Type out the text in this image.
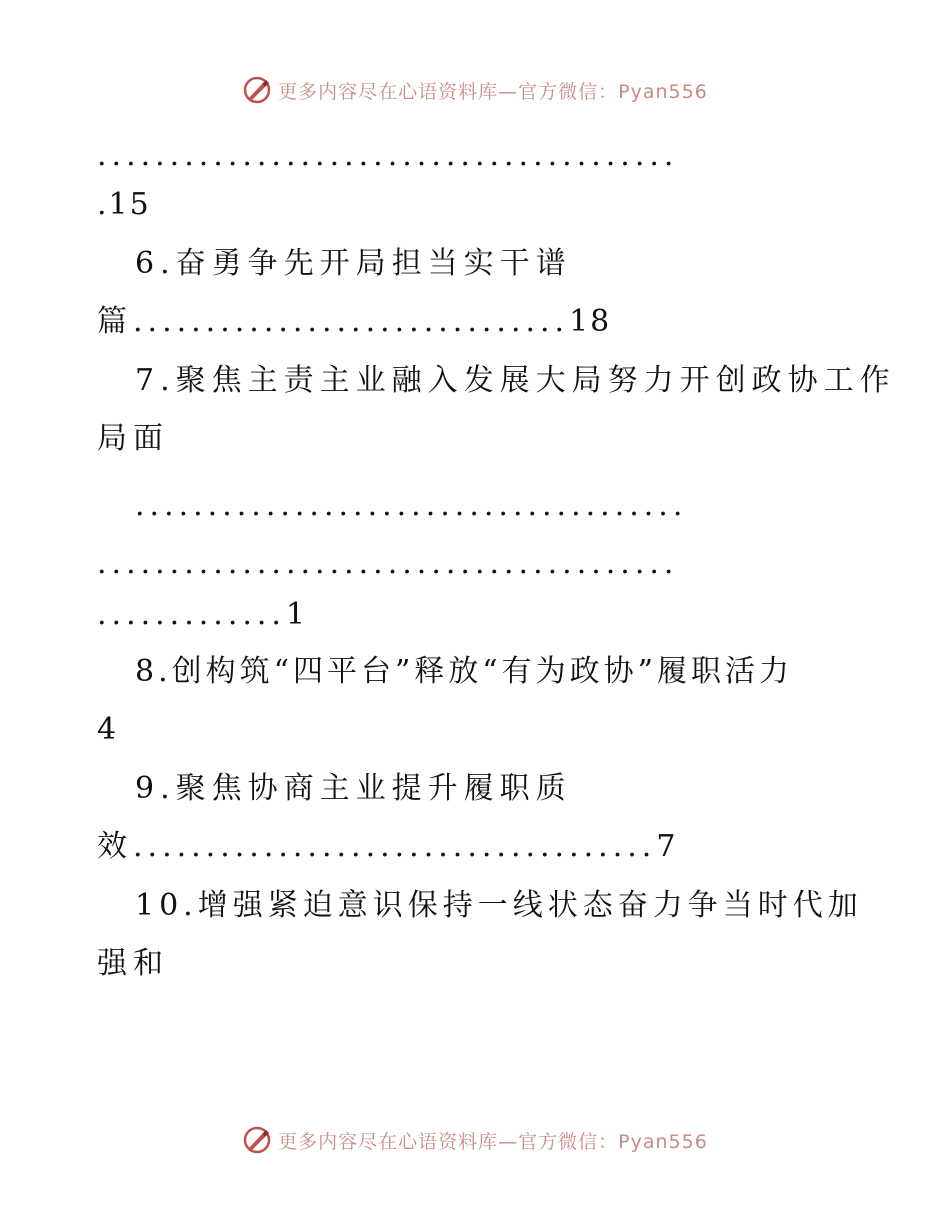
更多内容尽在心语资料库—官方微信：Pyan556
........................................
.15
6.奋勇争先开局担当实干谱
篇..............................18
7.聚焦主责主业融入发展大局努力开创政协工作
局面
......................................
........................................
.............1
8.创构筑“四平台”释放“有为政协”履职活力
4
9.聚焦协商主业提升履职质
效....................................7
10.增强紧迫意识保持一线状态奋力争当时代加
强和
更多内容尽在心语资料库—官方微信：Pyan556
